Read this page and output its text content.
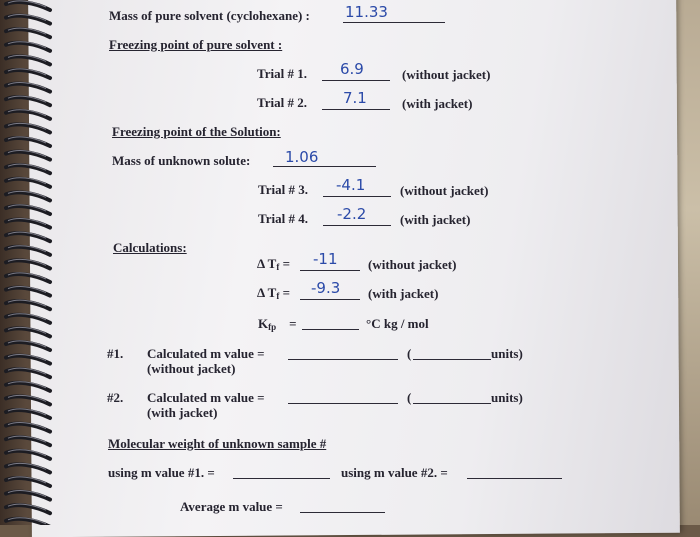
Mass of pure solvent (cyclohexane) : 11.33
Freezing point of pure solvent :
Trial # 1. 6.9	(without jacket)
Trial # 2. 7.1	(with jacket)
Freezing point of the Solution:
Mass of unknown solute: 1.06
Trial # 3. -4.1	(without jacket)
Trial # 4. -2.2	(with jacket)
Calculations:
Δ $T_f = -11$ (without jacket)
Δ $T_f = -9.3$ (with jacket)
$K_{fp}$ =	°C kg / mol
#1. Calculated m value =	(	units)
(without jacket)
#2. Calculated m value =	(	units)
(with jacket)
Molecular weight of unknown sample #
using m value #1. =	using m value #2. =
Average m value =
